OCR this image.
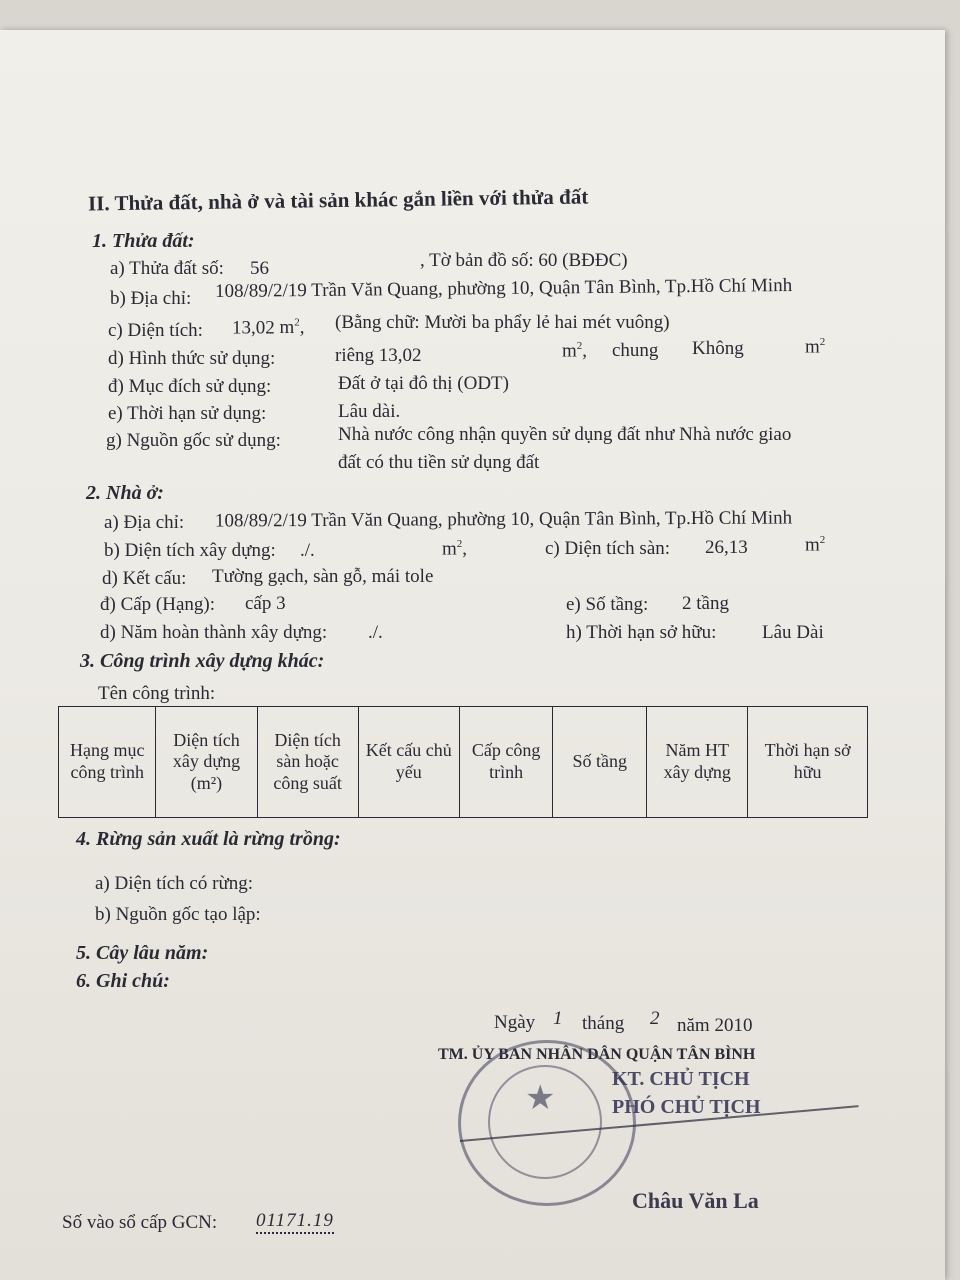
II. Thửa đất, nhà ở và tài sản khác gắn liền với thửa đất
1. Thửa đất:
a) Thửa đất số: 56	, Tờ bản đồ số: 60 (BĐĐC)
b) Địa chỉ: 108/89/2/19 Trần Văn Quang, phường 10, Quận Tân Bình, Tp.Hồ Chí Minh
c) Diện tích: 13,02 $m^2$, (Bằng chữ: Mười ba phẩy lẻ hai mét vuông)
d) Hình thức sử dụng:	riêng 13,02	$m^2$, chung Không	$m^2$
đ) Mục đích sử dụng:	Đất ở tại đô thị (ODT)
e) Thời hạn sử dụng:	Lâu dài.
g) Nguồn gốc sử dụng:	Nhà nước công nhận quyền sử dụng đất như Nhà nước giao
đất có thu tiền sử dụng đất
2. Nhà ở:
a) Địa chỉ: 108/89/2/19 Trần Văn Quang, phường 10, Quận Tân Bình, Tp.Hồ Chí Minh
b) Diện tích xây dựng: ./.	$m^2$,	c) Diện tích sàn: 26,13	$m^2$
d) Kết cấu: Tường gạch, sàn gỗ, mái tole
đ) Cấp (Hạng): cấp 3	e) Số tầng: 2 tầng
d) Năm hoàn thành xây dựng: ./.	h) Thời hạn sở hữu: Lâu Dài
3. Công trình xây dựng khác:
Tên công trình:
Hạng mục công trình	Diện tích xây dựng (m²)	Diện tích sàn hoặc công suất	Kết cấu chủ yếu	Cấp công trình	Số tầng	Năm HT xây dựng	Thời hạn sở hữu
4. Rừng sản xuất là rừng trồng:
a) Diện tích có rừng:
b) Nguồn gốc tạo lập:
5. Cây lâu năm:
6. Ghi chú:
Ngày 1 tháng 2 năm 2010
TM. ỦY BAN NHÂN DÂN QUẬN TÂN BÌNH
KT. CHỦ TỊCH
PHÓ CHỦ TỊCH
★
Châu Văn La
Số vào sổ cấp GCN: 01171.19
